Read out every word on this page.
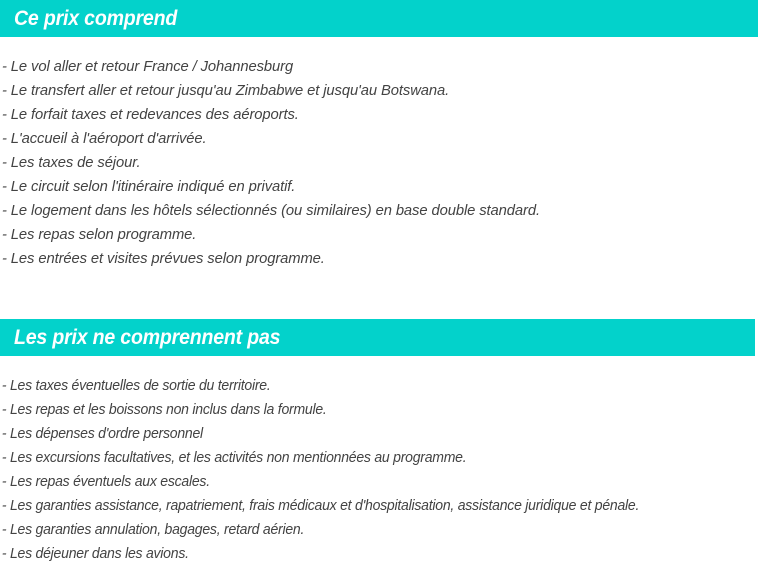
Ce prix comprend
- Le vol aller et retour France / Johannesburg
- Le transfert aller et retour jusqu'au Zimbabwe et jusqu'au Botswana.
- Le forfait taxes et redevances des aéroports.
- L'accueil à l'aéroport d'arrivée.
- Les taxes de séjour.
- Le circuit selon l'itinéraire indiqué en privatif.
- Le logement dans les hôtels sélectionnés (ou similaires) en base double standard.
- Les repas selon programme.
- Les entrées et visites prévues selon programme.
Les prix ne comprennent pas
- Les taxes éventuelles de sortie du territoire.
- Les repas et les boissons non inclus dans la formule.
- Les dépenses d'ordre personnel
- Les excursions facultatives, et les activités non mentionnées au programme.
- Les repas éventuels aux escales.
- Les garanties assistance, rapatriement, frais médicaux et d'hospitalisation, assistance juridique et pénale.
- Les garanties annulation, bagages, retard aérien.
- Les déjeuner dans les avions.
